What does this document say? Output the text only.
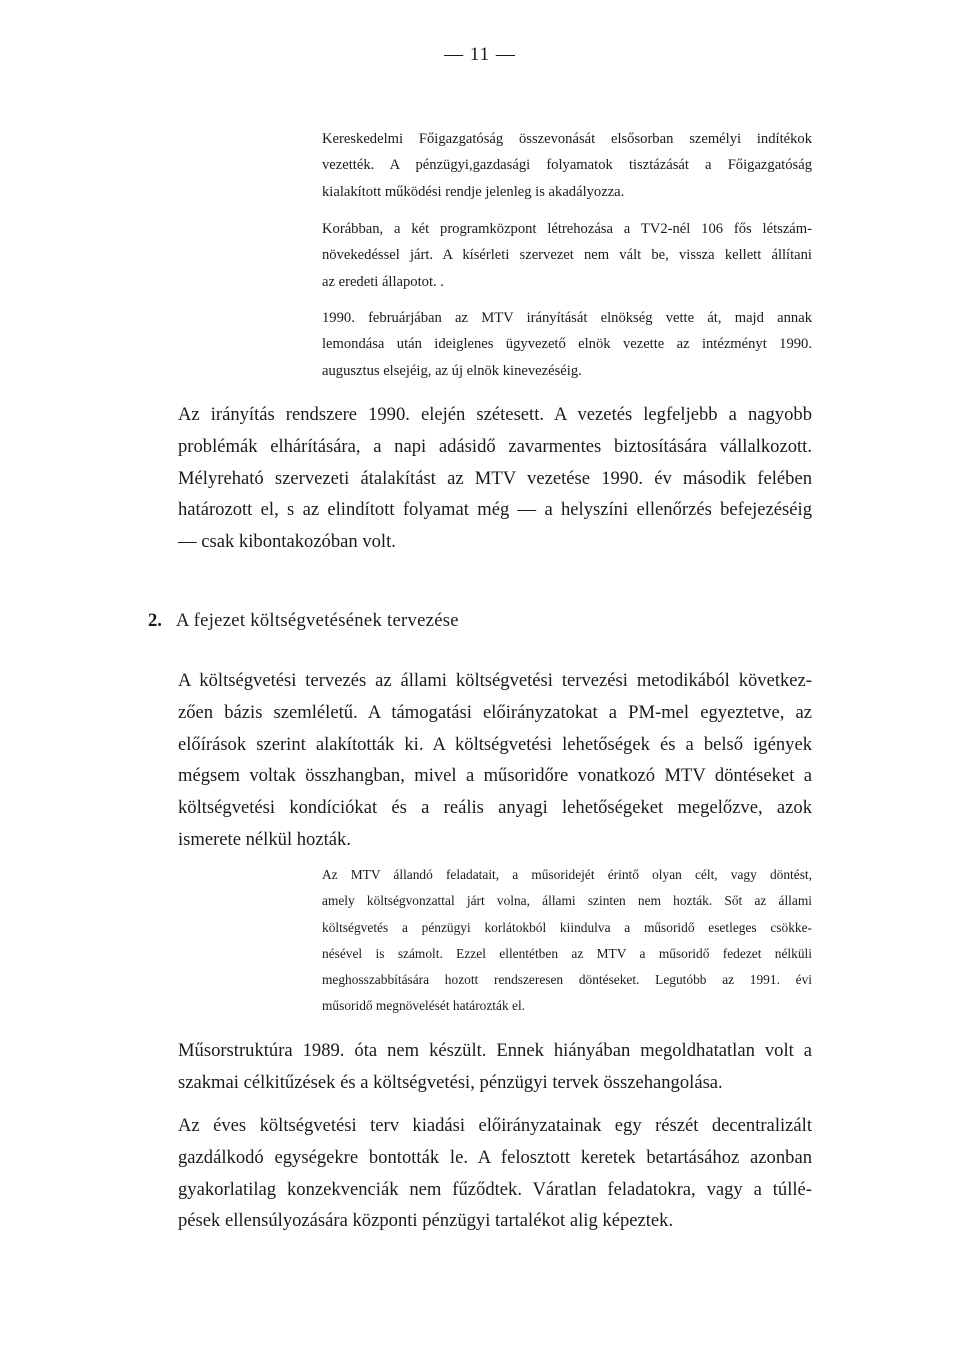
— 11 —
Kereskedelmi Főigazgatóság összevonását elsősorban személyi indítékok
vezették. A pénzügyi,gazdasági folyamatok tisztázását a Főigazgatóság
kialakított működési rendje jelenleg is akadályozza.
Korábban, a két programközpont létrehozása a TV2-nél 106 fős létszám-
növekedéssel járt. A kísérleti szervezet nem vált be, vissza kellett állítani
az eredeti állapotot. .
1990. februárjában az MTV irányítását elnökség vette át, majd annak
lemondása után ideiglenes ügyvezető elnök vezette az intézményt 1990.
augusztus elsejéig, az új elnök kinevezéséig.
Az irányítás rendszere 1990. elején szétesett. A vezetés legfeljebb a nagyobb
problémák elhárítására, a napi adásidő zavarmentes biztosítására vállalkozott.
Mélyreható szervezeti átalakítást az MTV vezetése 1990. év második felében
határozott el, s az elindított folyamat még — a helyszíni ellenőrzés befejezéséig
— csak kibontakozóban volt.
2. A fejezet költségvetésének tervezése
A költségvetési tervezés az állami költségvetési tervezési metodikából következ-
zően bázis szemléletű. A támogatási előirányzatokat a PM-mel egyeztetve, az
előírások szerint alakították ki. A költségvetési lehetőségek és a belső igények
mégsem voltak összhangban, mivel a műsoridőre vonatkozó MTV döntéseket a
költségvetési kondíciókat és a reális anyagi lehetőségeket megelőzve, azok
ismerete nélkül hozták.
Az MTV állandó feladatait, a műsoridejét érintő olyan célt, vagy döntést,
amely költségvonzattal járt volna, állami szinten nem hozták. Sőt az állami
költségvetés a pénzügyi korlátokból kiindulva a műsoridő esetleges csökke-
nésével is számolt. Ezzel ellentétben az MTV a műsoridő fedezet nélküli
meghosszabbítására hozott rendszeresen döntéseket. Legutóbb az 1991. évi
műsoridő megnövelését határozták el.
Műsorstruktúra 1989. óta nem készült. Ennek hiányában megoldhatatlan volt a
szakmai célkitűzések és a költségvetési, pénzügyi tervek összehangolása.
Az éves költségvetési terv kiadási előirányzatainak egy részét decentralizált
gazdálkodó egységekre bontották le. A felosztott keretek betartásához azonban
gyakorlatilag konzekvenciák nem fűződtek. Váratlan feladatokra, vagy a túllé-
pések ellensúlyozására központi pénzügyi tartalékot alig képeztek.
